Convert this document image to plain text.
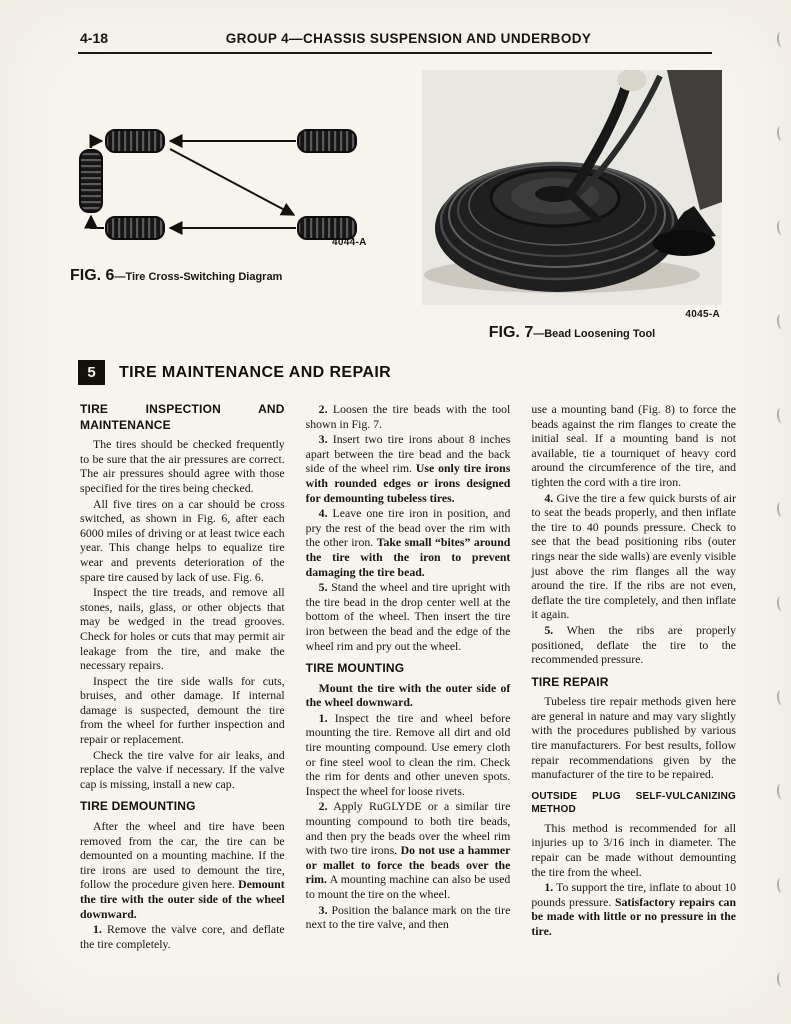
4-18	GROUP 4—CHASSIS SUSPENSION AND UNDERBODY
4044-A
FIG. 6—Tire Cross-Switching Diagram
4045-A
FIG. 7—Bead Loosening Tool
5	TIRE MAINTENANCE AND REPAIR
TIRE INSPECTION AND MAINTENANCE

The tires should be checked frequently to be sure that the air pressures are correct. The air pressures should agree with those specified for the tires being checked.

All five tires on a car should be cross switched, as shown in Fig. 6, after each 6000 miles of driving or at least twice each year. This change helps to equalize tire wear and prevents deterioration of the spare tire caused by lack of use. Fig. 6.

Inspect the tire treads, and remove all stones, nails, glass, or other objects that may be wedged in the tread grooves. Check for holes or cuts that may permit air leakage from the tire, and make the necessary repairs.

Inspect the tire side walls for cuts, bruises, and other damage. If internal damage is suspected, demount the tire from the wheel for further inspection and repair or replacement.

Check the tire valve for air leaks, and replace the valve if necessary. If the valve cap is missing, install a new cap.

TIRE DEMOUNTING

After the wheel and tire have been removed from the car, the tire can be demounted on a mounting machine. If the tire irons are used to demount the tire, follow the procedure given here. Demount the tire with the outer side of the wheel downward.

1. Remove the valve core, and deflate the tire completely.

2. Loosen the tire beads with the tool shown in Fig. 7.

3. Insert two tire irons about 8 inches apart between the tire bead and the back side of the wheel rim. Use only tire irons with rounded edges or irons designed for demounting tubeless tires.

4. Leave one tire iron in position, and pry the rest of the bead over the rim with the other iron. Take small “bites” around the tire with the iron to prevent damaging the tire bead.

5. Stand the wheel and tire upright with the tire bead in the drop center well at the bottom of the wheel. Then insert the tire iron between the bead and the edge of the wheel rim and pry out the wheel.

TIRE MOUNTING

Mount the tire with the outer side of the wheel downward.

1. Inspect the tire and wheel before mounting the tire. Remove all dirt and old tire mounting compound. Use emery cloth or fine steel wool to clean the rim. Check the rim for dents and other uneven spots. Inspect the wheel for loose rivets.

2. Apply RuGLYDE or a similar tire mounting compound to both tire beads, and then pry the beads over the wheel rim with two tire irons. Do not use a hammer or mallet to force the beads over the rim. A mounting machine can also be used to mount the tire on the wheel.

3. Position the balance mark on the tire next to the tire valve, and then

use a mounting band (Fig. 8) to force the beads against the rim flanges to create the initial seal. If a mounting band is not available, tie a tourniquet of heavy cord around the circumference of the tire, and tighten the cord with a tire iron.

4. Give the tire a few quick bursts of air to seat the beads properly, and then inflate the tire to 40 pounds pressure. Check to see that the bead positioning ribs (outer rings near the side walls) are evenly visible just above the rim flanges all the way around the tire. If the ribs are not even, deflate the tire completely, and then inflate it again.

5. When the ribs are properly positioned, deflate the tire to the recommended pressure.

TIRE REPAIR

Tubeless tire repair methods given here are general in nature and may vary slightly with the procedures published by various tire manufacturers. For best results, follow repair recommendations given by the manufacturer of the tire to be repaired.

OUTSIDE PLUG SELF-VULCANIZING METHOD

This method is recommended for all injuries up to 3/16 inch in diameter. The repair can be made without demounting the tire from the wheel.

1. To support the tire, inflate to about 10 pounds pressure. Satisfactory repairs can be made with little or no pressure in the tire.
